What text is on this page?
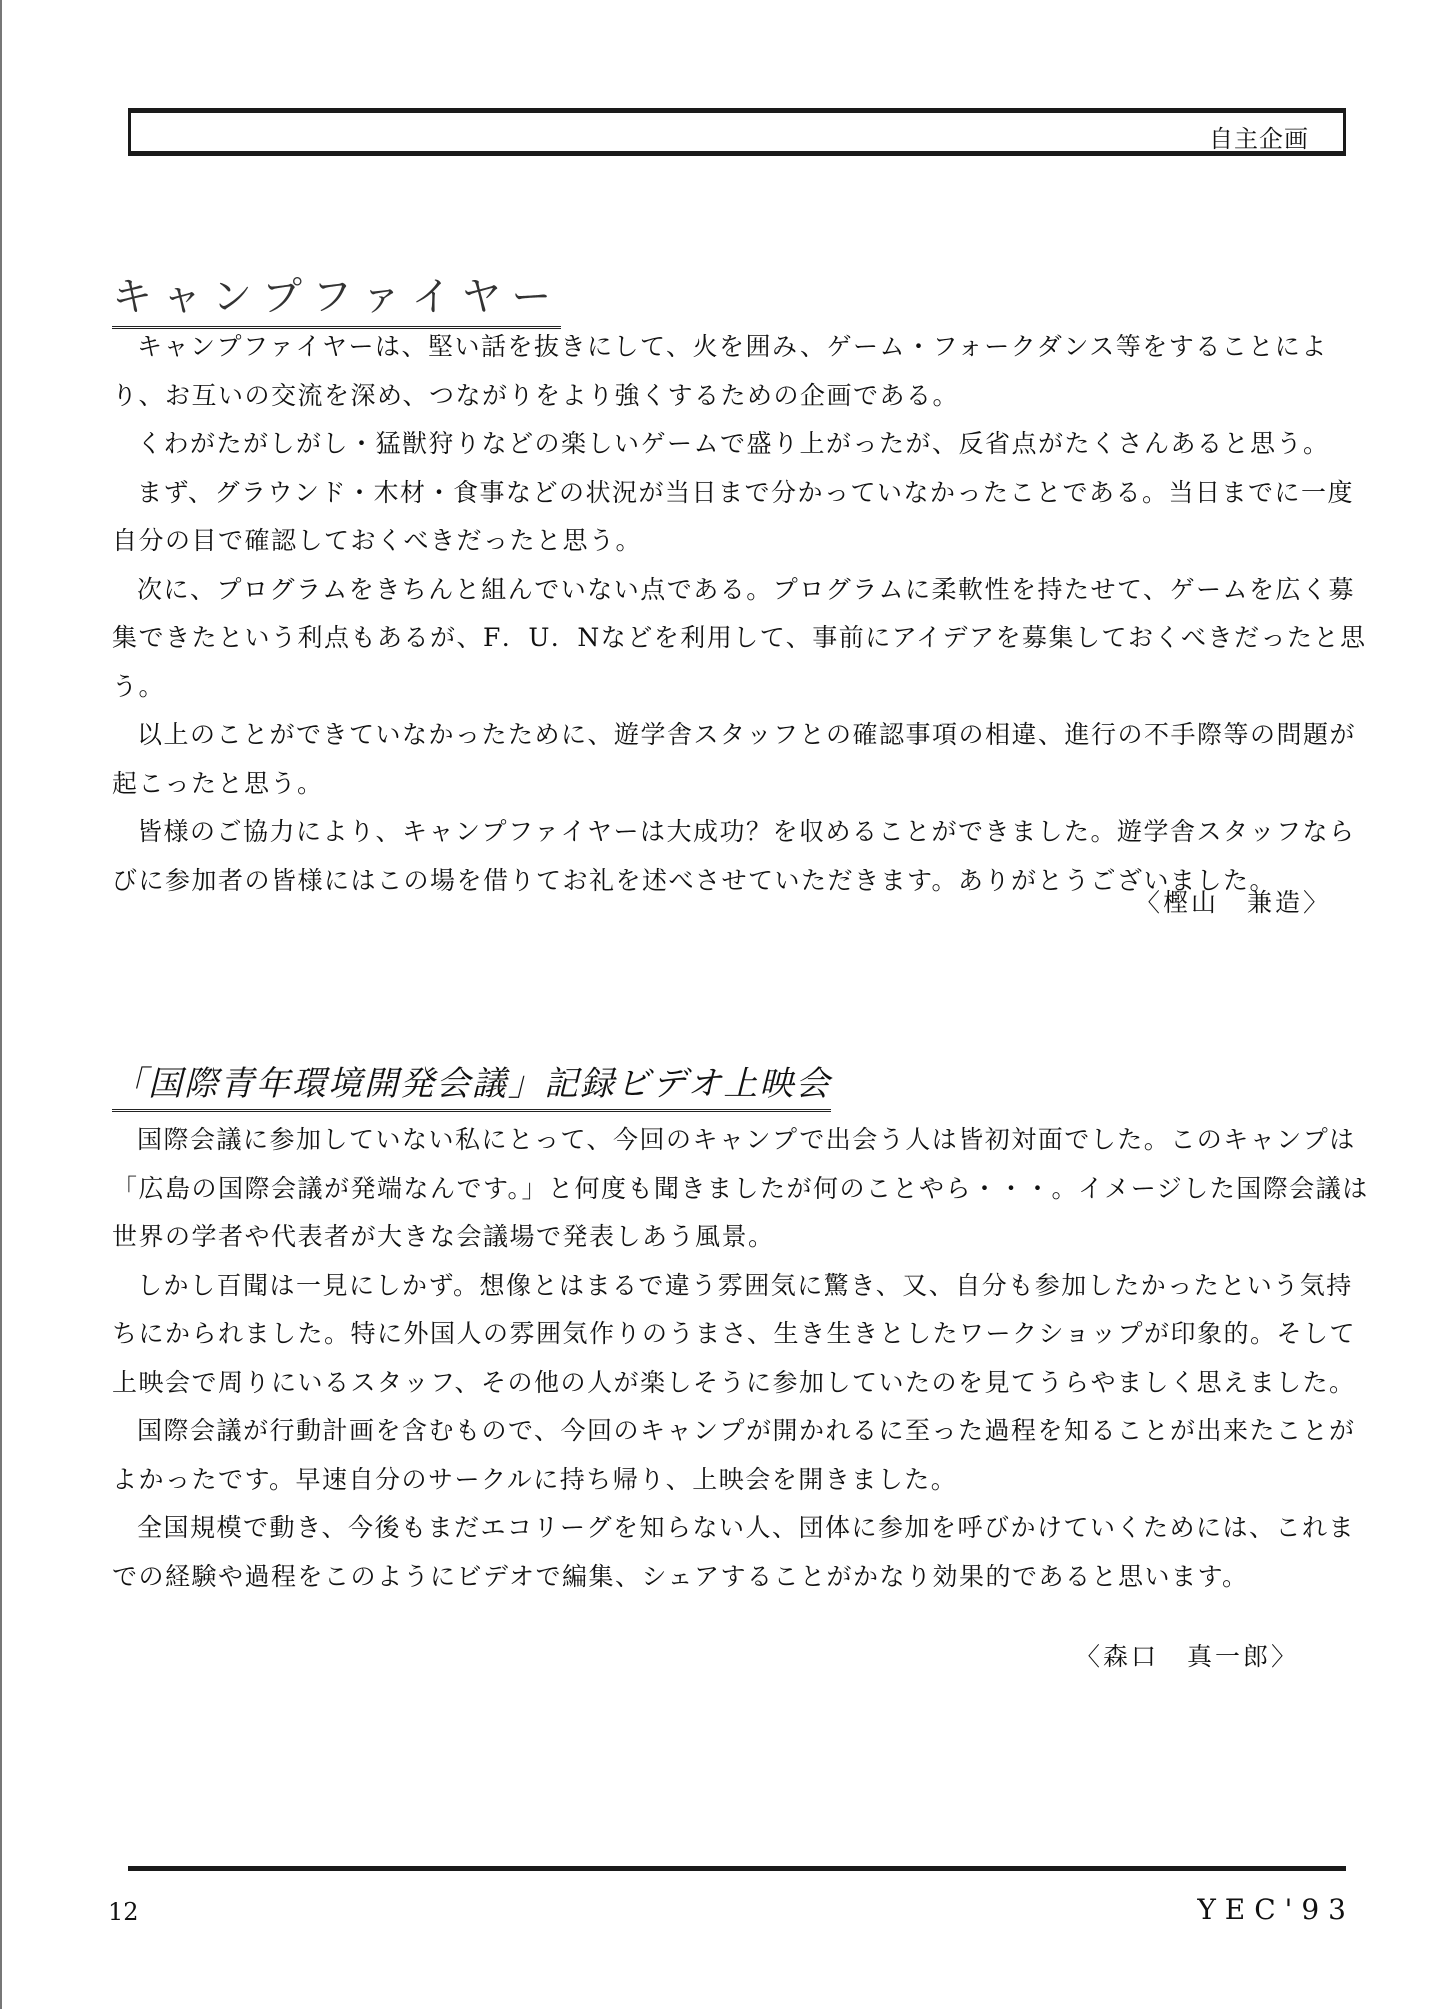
自主企画
キャンプファイヤー

キャンプファイヤーは、堅い話を抜きにして、火を囲み、ゲーム・フォークダンス等をすることにより、お互いの交流を深め、つながりをより強くするための企画である。

くわがたがしがし・猛獣狩りなどの楽しいゲームで盛り上がったが、反省点がたくさんあると思う。

まず、グラウンド・木材・食事などの状況が当日まで分かっていなかったことである。当日までに一度自分の目で確認しておくべきだったと思う。

次に、プログラムをきちんと組んでいない点である。プログラムに柔軟性を持たせて、ゲームを広く募集できたという利点もあるが、F．U．Nなどを利用して、事前にアイデアを募集しておくべきだったと思う。

以上のことができていなかったために、遊学舎スタッフとの確認事項の相違、進行の不手際等の問題が起こったと思う。

皆様のご協力により、キャンプファイヤーは大成功？を収めることができました。遊学舎スタッフならびに参加者の皆様にはこの場を借りてお礼を述べさせていただきます。ありがとうございました。

〈樫山　兼造〉
「国際青年環境開発会議」記録ビデオ上映会

国際会議に参加していない私にとって、今回のキャンプで出会う人は皆初対面でした。このキャンプは「広島の国際会議が発端なんです。」と何度も聞きましたが何のことやら・・・。イメージした国際会議は世界の学者や代表者が大きな会議場で発表しあう風景。

しかし百聞は一見にしかず。想像とはまるで違う雰囲気に驚き、又、自分も参加したかったという気持ちにかられました。特に外国人の雰囲気作りのうまさ、生き生きとしたワークショップが印象的。そして上映会で周りにいるスタッフ、その他の人が楽しそうに参加していたのを見てうらやましく思えました。

国際会議が行動計画を含むもので、今回のキャンプが開かれるに至った過程を知ることが出来たことがよかったです。早速自分のサークルに持ち帰り、上映会を開きました。

全国規模で動き、今後もまだエコリーグを知らない人、団体に参加を呼びかけていくためには、これまでの経験や過程をこのようにビデオで編集、シェアすることがかなり効果的であると思います。

〈森口　真一郎〉
12	YEC'93
